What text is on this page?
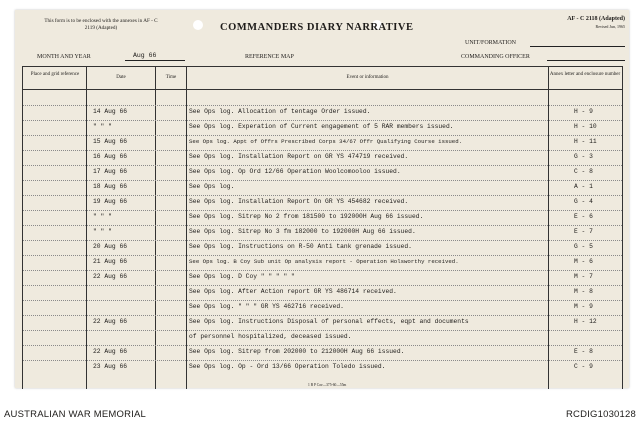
This form is to be enclosed with the annexes in AF - C 2119 (Adapted)	COMMANDERS DIARY NARRATIVE
AF - C 2118 (Adapted)
Revised Jun, 1965
UNIT/FORMATION
MONTH AND YEAR	Aug 66	REFERENCE MAP	COMMANDING OFFICER
Place and grid reference
Date	Time	Event or information
Annex letter and enclosure number
14 Aug 66	See Ops log. Allocation of tentage Order issued.	H - 9
" " "	See Ops log. Experation of Current engagement of 5 RAR members issued.	H - 10
15 Aug 66	See Ops log. Appt of Offrs Prescribed Corps 34/67 Offr Qualifying Course issued.	H - 11
16 Aug 66	See Ops log. Installation Report on GR YS 474719 received.	G - 3
17 Aug 66	See Ops log. Op Ord 12/66 Operation Woolcomooloo issued.	C - 8
18 Aug 66	See Ops log.	A - 1
19 Aug 66	See Ops log. Installation Report On GR YS 454682 received.	G - 4
" " "	See Ops log. Sitrep No 2 from 181500 to 192000H Aug 66 issued.	E - 6
" " "	See Ops log. Sitrep No 3 fm 182000 to 192000H Aug 66 issued.	E - 7
20 Aug 66	See Ops log. Instructions on R-50 Anti tank grenade issued.	G - 5
21 Aug 66	See Ops log. B Coy Sub unit Op analysis report - Operation Holsworthy received.	M - 6
22 Aug 66	See Ops log. D Coy " " " " "	M - 7
See Ops log. After Action report GR YS 486714 received.	M - 8
See Ops log. " " " GR YS 462716 received.	M - 9
22 Aug 66	See Ops log. Instructions Disposal of personal effects, eqpt and documents	H - 12
of personnel hospitalized, deceased issued.
22 Aug 66	See Ops log. Sitrep from 202000 to 212000H Aug 66 issued.	E - 8
23 Aug 66	See Ops log. Op - Ord 13/66 Operation Toledo issued.	C - 9
1 B P Cav—375-60—55m
AUSTRALIAN WAR MEMORIAL	RCDIG1030128
